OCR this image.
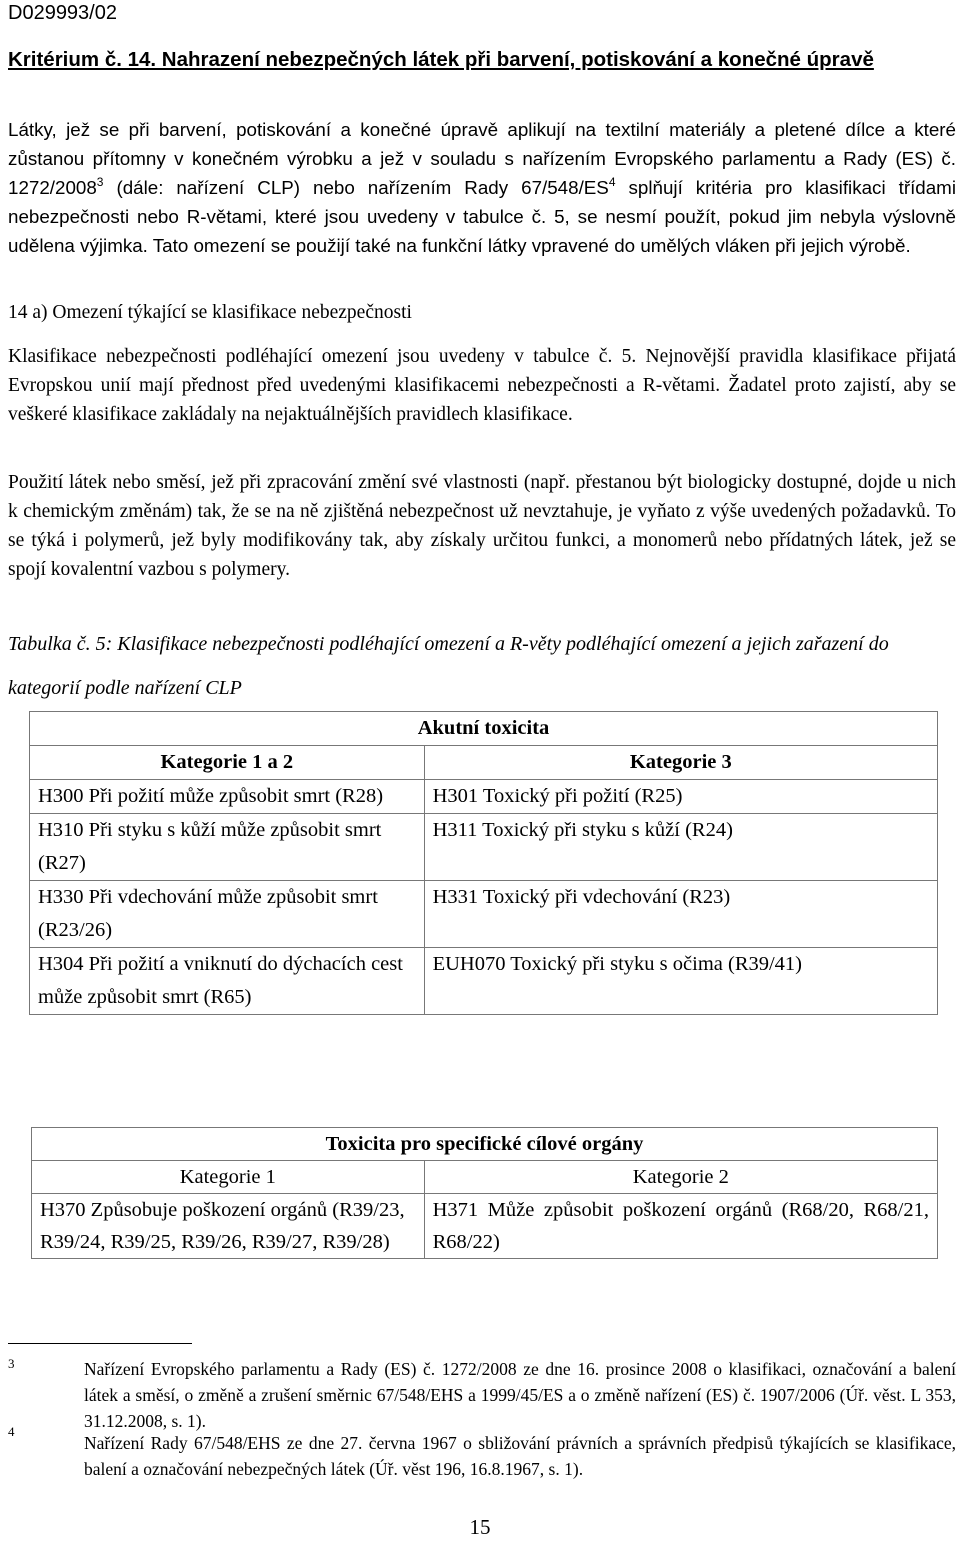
D029993/02
Kritérium č. 14. Nahrazení nebezpečných látek při barvení, potiskování a konečné úpravě
Látky, jež se při barvení, potiskování a konečné úpravě aplikují na textilní materiály a pletené dílce a které zůstanou přítomny v konečném výrobku a jež v souladu s nařízením Evropského parlamentu a Rady (ES) č. 1272/2008$^3$ (dále: nařízení CLP) nebo nařízením Rady $67/548/ES^4$ splňují kritéria pro klasifikaci třídami nebezpečnosti nebo R-větami, které jsou uvedeny v tabulce č. 5, se nesmí použít, pokud jim nebyla výslovně udělena výjimka. Tato omezení se použijí také na funkční látky vpravené do umělých vláken při jejich výrobě.
14 a) Omezení týkající se klasifikace nebezpečnosti
Klasifikace nebezpečnosti podléhající omezení jsou uvedeny v tabulce č. 5. Nejnovější pravidla klasifikace přijatá Evropskou unií mají přednost před uvedenými klasifikacemi nebezpečnosti a R-větami. Žadatel proto zajistí, aby se veškeré klasifikace zakládaly na nejaktuálnějších pravidlech klasifikace.
Použití látek nebo směsí, jež při zpracování změní své vlastnosti (např. přestanou být biologicky dostupné, dojde u nich k chemickým změnám) tak, že se na ně zjištěná nebezpečnost už nevztahuje, je vyňato z výše uvedených požadavků. To se týká i polymerů, jež byly modifikovány tak, aby získaly určitou funkci, a monomerů nebo přídatných látek, jež se spojí kovalentní vazbou s polymery.
Tabulka č. 5: Klasifikace nebezpečnosti podléhající omezení a R-věty podléhající omezení a jejich zařazení do kategorií podle nařízení CLP
Akutní toxicita	
Kategorie 1 a 2	Kategorie 3
H300 Při požití může způsobit smrt (R28)	H301 Toxický při požití (R25)
H310 Při styku s kůží může způsobit smrt (R27)	H311 Toxický při styku s kůží (R24)
H330 Při vdechování může způsobit smrt (R23/26)	H331 Toxický při vdechování (R23)
H304 Při požití a vniknutí do dýchacích cest může způsobit smrt (R65)	EUH070 Toxický při styku s očima (R39/41)
Toxicita pro specifické cílové orgány	
Kategorie 1	Kategorie 2
H370 Způsobuje poškození orgánů (R39/23, R39/24, R39/25, R39/26, R39/27, R39/28)	H371 Může způsobit poškození orgánů (R68/20, R68/21, R68/22)
3	Nařízení Evropského parlamentu a Rady (ES) č. 1272/2008 ze dne 16. prosince 2008 o klasifikaci, označování a balení látek a směsí, o změně a zrušení směrnic 67/548/EHS a 1999/45/ES a o změně nařízení (ES) č. 1907/2006 (Úř. věst. L 353, 31.12.2008, s. 1).
4
Nařízení Rady 67/548/EHS ze dne 27. června 1967 o sbližování právních a správních předpisů týkajících se klasifikace, balení a označování nebezpečných látek (Úř. věst 196, 16.8.1967, s. 1).
15
